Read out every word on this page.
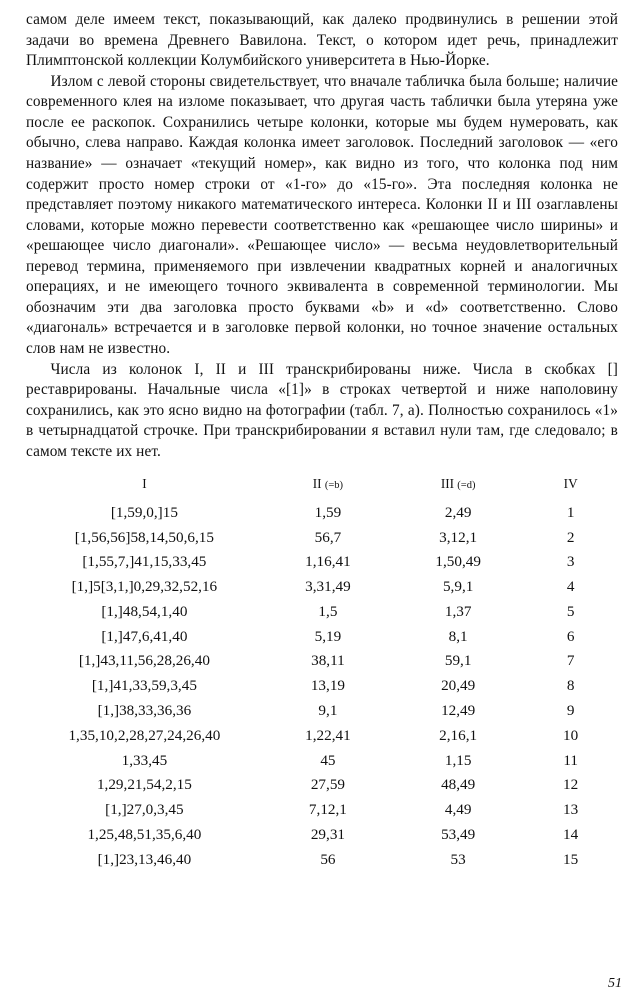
самом деле имеем текст, показывающий, как далеко продвинулись в решении этой задачи во времена Древнего Вавилона. Текст, о котором идет речь, принадлежит Плимптонской коллекции Колумбийского университета в Нью-Йорке.

Излом с левой стороны свидетельствует, что вначале табличка была больше; наличие современного клея на изломе показывает, что другая часть таблички была утеряна уже после ее раскопок. Сохранились четыре колонки, которые мы будем нумеровать, как обычно, слева направо. Каждая колонка имеет заголовок. Последний заголовок — «его название» — означает «текущий номер», как видно из того, что колонка под ним содержит просто номер строки от «1-го» до «15-го». Эта последняя колонка не представляет поэтому никакого математического интереса. Колонки II и III озаглавлены словами, которые можно перевести соответственно как «решающее число ширины» и «решающее число диагонали». «Решающее число» — весьма неудовлетворительный перевод термина, применяемого при извлечении квадратных корней и аналогичных операциях, и не имеющего точного эквивалента в современной терминологии. Мы обозначим эти два заголовка просто буквами «b» и «d» соответственно. Слово «диагональ» встречается и в заголовке первой колонки, но точное значение остальных слов нам не известно.

Числа из колонок I, II и III транскрибированы ниже. Числа в скобках [] реставрированы. Начальные числа «[1]» в строках четвертой и ниже наполовину сохранились, как это ясно видно на фотографии (табл. 7, а). Полностью сохранилось «1» в четырнадцатой строчке. При транскрибировании я вставил нули там, где следовало; в самом тексте их нет.

I	II (=b)	III (=d)	IV
[1,59,0,]15	1,59	2,49	1
[1,56,56]58,14,50,6,15	56,7	3,12,1	2
[1,55,7,]41,15,33,45	1,16,41	1,50,49	3
[1,]5[3,1,]0,29,32,52,16	3,31,49	5,9,1	4
[1,]48,54,1,40	1,5	1,37	5
[1,]47,6,41,40	5,19	8,1	6
[1,]43,11,56,28,26,40	38,11	59,1	7
[1,]41,33,59,3,45	13,19	20,49	8
[1,]38,33,36,36	9,1	12,49	9
1,35,10,2,28,27,24,26,40	1,22,41	2,16,1	10
1,33,45	45	1,15	11
1,29,21,54,2,15	27,59	48,49	12
[1,]27,0,3,45	7,12,1	4,49	13
1,25,48,51,35,6,40	29,31	53,49	14
[1,]23,13,46,40	56	53	15
51
